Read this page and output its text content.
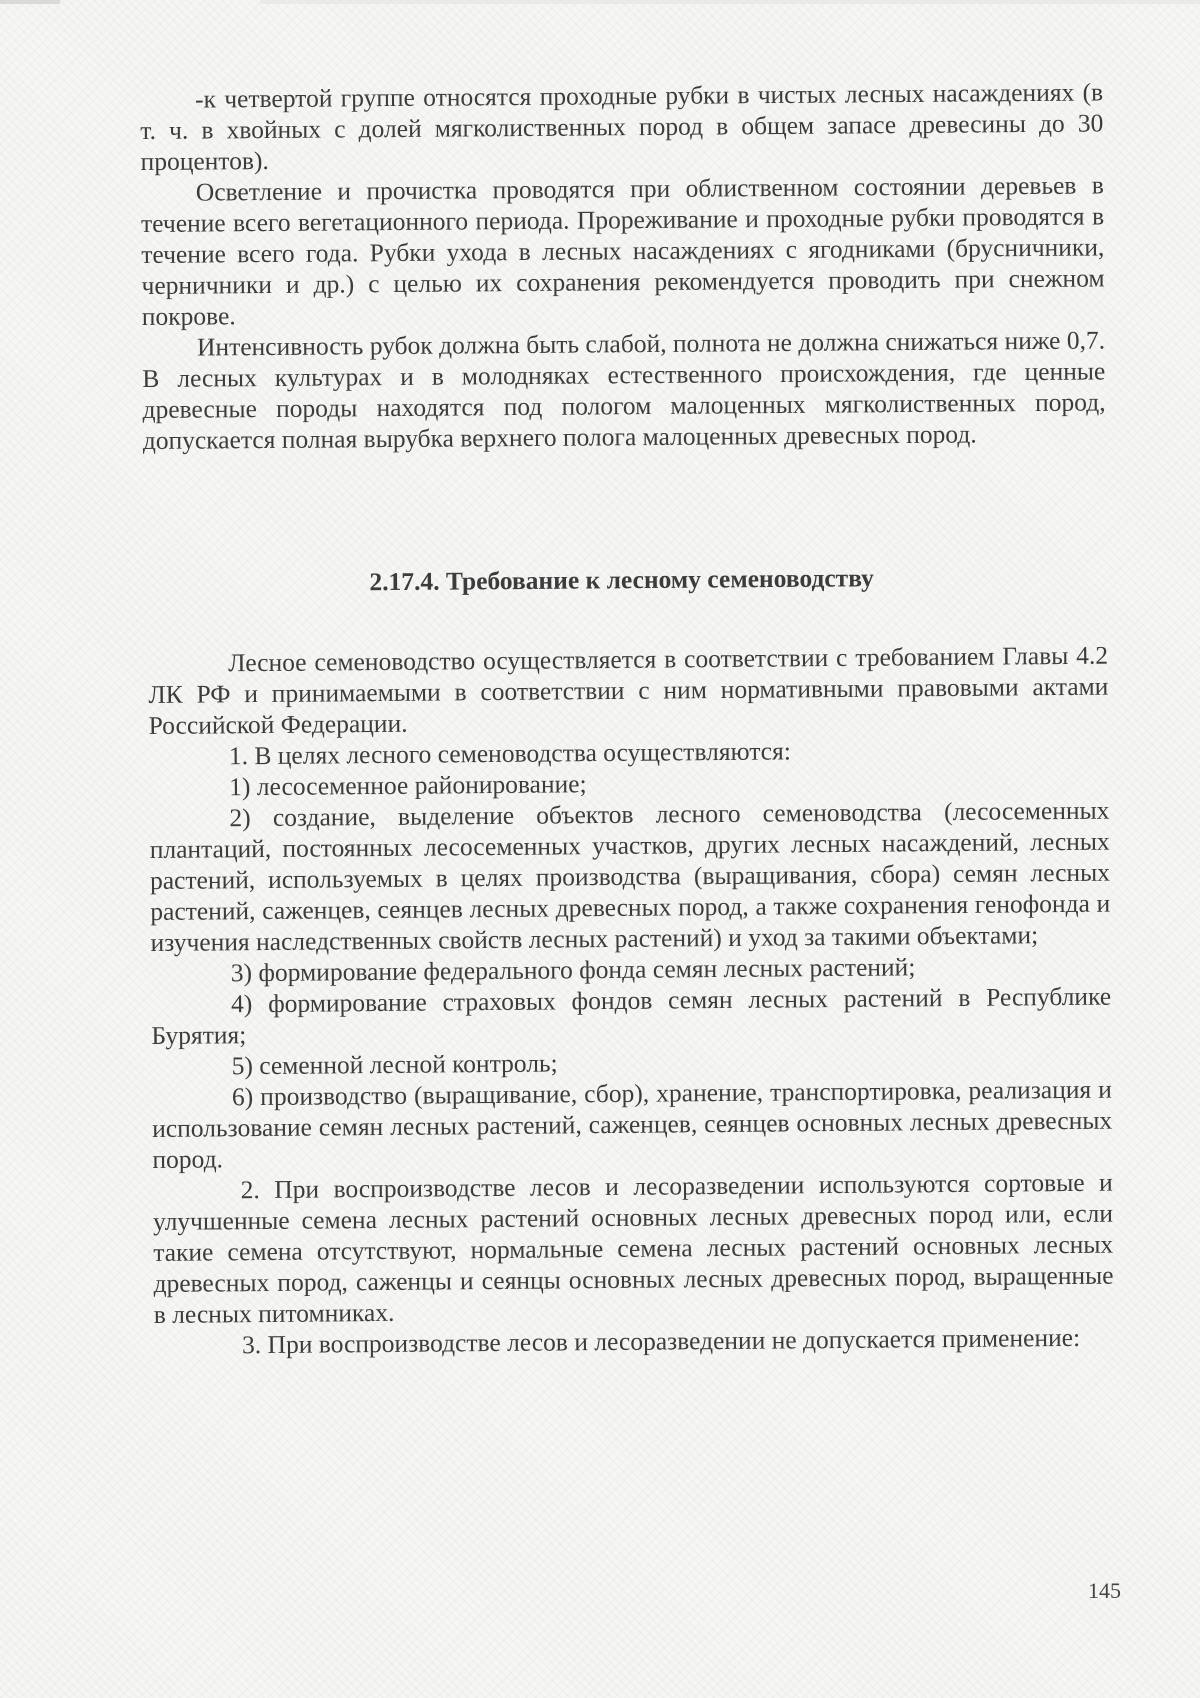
-к четвертой группе относятся проходные рубки в чистых лесных насаждениях (в т. ч. в хвойных с долей мягколиственных пород в общем запасе древесины до 30 процентов).

Осветление и прочистка проводятся при облиственном состоянии деревьев в течение всего вегетационного периода. Прореживание и проходные рубки проводятся в течение всего года. Рубки ухода в лесных насаждениях с ягодниками (брусничники, черничники и др.) с целью их сохранения рекомендуется проводить при снежном покрове.

Интенсивность рубок должна быть слабой, полнота не должна снижаться ниже 0,7. В лесных культурах и в молодняках естественного происхождения, где ценные древесные породы находятся под пологом малоценных мягколиственных пород, допускается полная вырубка верхнего полога малоценных древесных пород.

2.17.4. Требование к лесному семеноводству

Лесное семеноводство осуществляется в соответствии с требованием Главы 4.2 ЛК РФ и принимаемыми в соответствии с ним нормативными правовыми актами Российской Федерации.

1. В целях лесного семеноводства осуществляются:

1) лесосеменное районирование;

2) создание, выделение объектов лесного семеноводства (лесосеменных плантаций, постоянных лесосеменных участков, других лесных насаждений, лесных растений, используемых в целях производства (выращивания, сбора) семян лесных растений, саженцев, сеянцев лесных древесных пород, а также сохранения генофонда и изучения наследственных свойств лесных растений) и уход за такими объектами;

3) формирование федерального фонда семян лесных растений;

4) формирование страховых фондов семян лесных растений в Республике Бурятия;

5) семенной лесной контроль;

6) производство (выращивание, сбор), хранение, транспортировка, реализация и использование семян лесных растений, саженцев, сеянцев основных лесных древесных пород.

2. При воспроизводстве лесов и лесоразведении используются сортовые и улучшенные семена лесных растений основных лесных древесных пород или, если такие семена отсутствуют, нормальные семена лесных растений основных лесных древесных пород, саженцы и сеянцы основных лесных древесных пород, выращенные в лесных питомниках.

3. При воспроизводстве лесов и лесоразведении не допускается применение:

145
